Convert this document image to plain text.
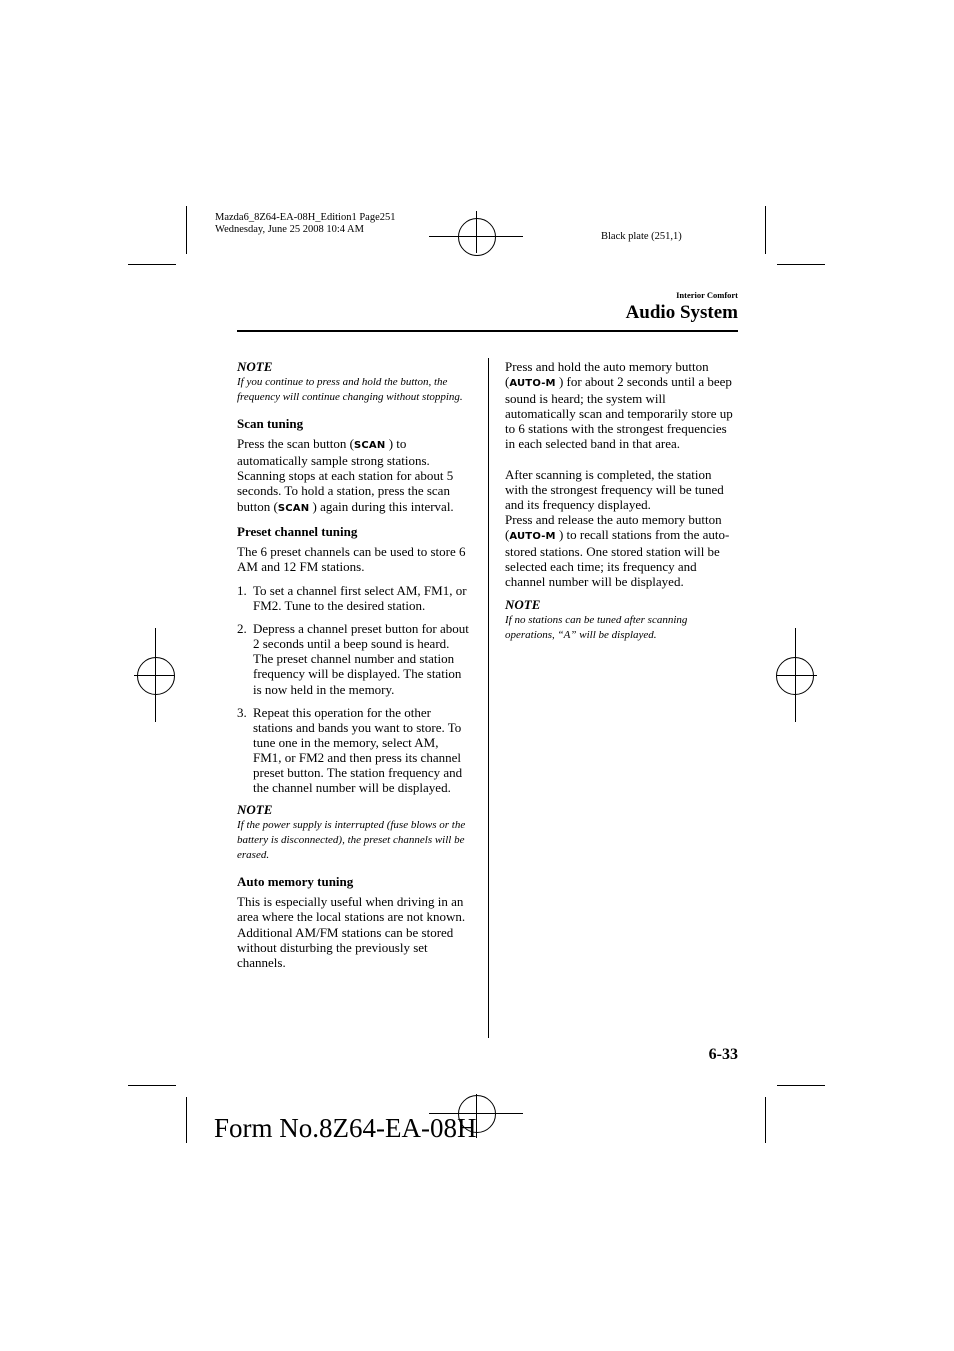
Mazda6_8Z64-EA-08H_Edition1 Page251
Wednesday, June 25 2008 10:4 AM
Black plate (251,1)
Interior Comfort
Audio System

NOTE

If you continue to press and hold the button, the frequency will continue changing without stopping.

Scan tuning

Press the scan button (SCAN ) to automatically sample strong stations. Scanning stops at each station for about 5 seconds. To hold a station, press the scan button (SCAN ) again during this interval.

Preset channel tuning

The 6 preset channels can be used to store 6 AM and 12 FM stations.

1. To set a channel first select AM, FM1, or FM2. Tune to the desired station.
2. Depress a channel preset button for about 2 seconds until a beep sound is heard. The preset channel number and station frequency will be displayed. The station is now held in the memory.
3. Repeat this operation for the other stations and bands you want to store. To tune one in the memory, select AM, FM1, or FM2 and then press its channel preset button. The station frequency and the channel number will be displayed.

NOTE

If the power supply is interrupted (fuse blows or the battery is disconnected), the preset channels will be erased.

Auto memory tuning

This is especially useful when driving in an area where the local stations are not known. Additional AM/FM stations can be stored without disturbing the previously set channels.

Press and hold the auto memory button (AUTO-M ) for about 2 seconds until a beep sound is heard; the system will automatically scan and temporarily store up to 6 stations with the strongest frequencies in each selected band in that area.

After scanning is completed, the station with the strongest frequency will be tuned and its frequency displayed.

Press and release the auto memory button (AUTO-M ) to recall stations from the auto-stored stations. One stored station will be selected each time; its frequency and channel number will be displayed.

NOTE

If no stations can be tuned after scanning operations, “A” will be displayed.

6-33
Form No.8Z64-EA-08H
